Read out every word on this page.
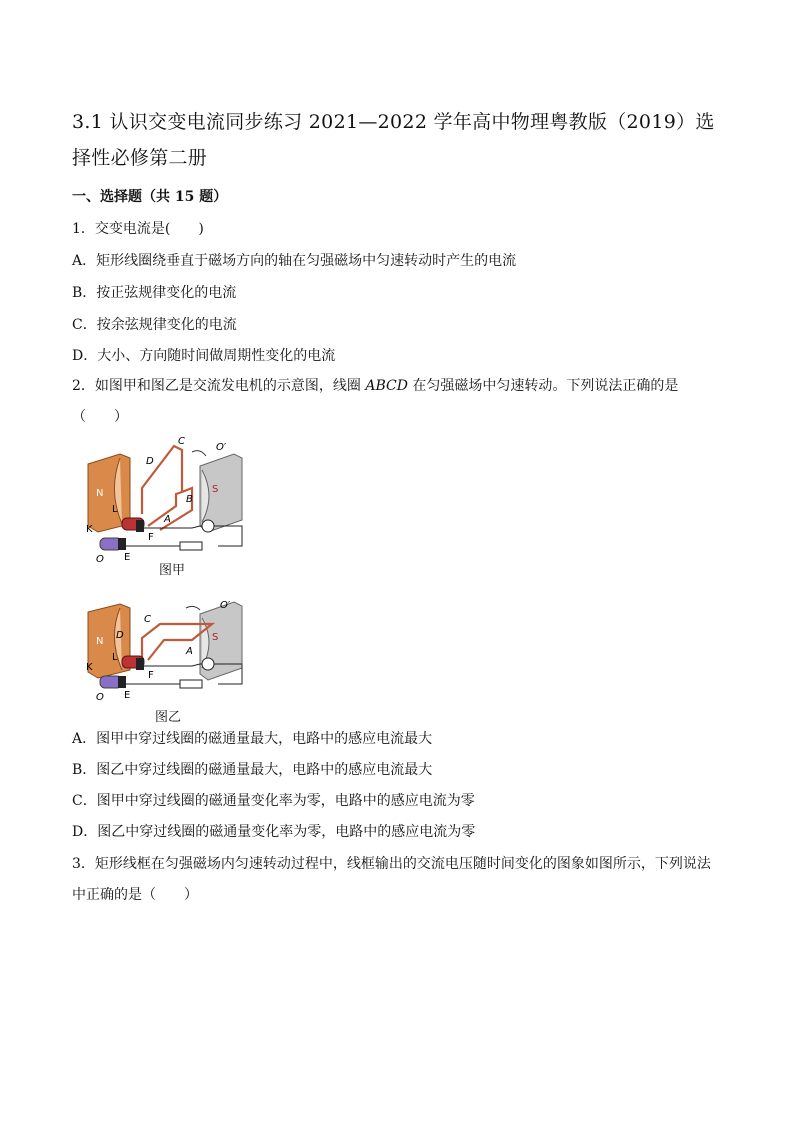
3.1 认识交变电流同步练习 2021—2022 学年高中物理粤教版（2019）选择性必修第二册
一、选择题（共 15 题）
1．交变电流是(　　)
A．矩形线圈绕垂直于磁场方向的轴在匀强磁场中匀速转动时产生的电流
B．按正弦规律变化的电流
C．按余弦规律变化的电流
D．大小、方向随时间做周期性变化的电流
2．如图甲和图乙是交流发电机的示意图，线圈 ABCD 在匀强磁场中匀速转动。下列说法正确的是
（　　）
N	S
C
D
O′
B
L
A
K
F
O E
图甲
N	S
C
D
O′
A
L
K
F
O E
图乙
A．图甲中穿过线圈的磁通量最大，电路中的感应电流最大
B．图乙中穿过线圈的磁通量最大，电路中的感应电流最大
C．图甲中穿过线圈的磁通量变化率为零，电路中的感应电流为零
D．图乙中穿过线圈的磁通量变化率为零，电路中的感应电流为零
3．矩形线框在匀强磁场内匀速转动过程中，线框输出的交流电压随时间变化的图象如图所示，下列说法
中正确的是（　　）
